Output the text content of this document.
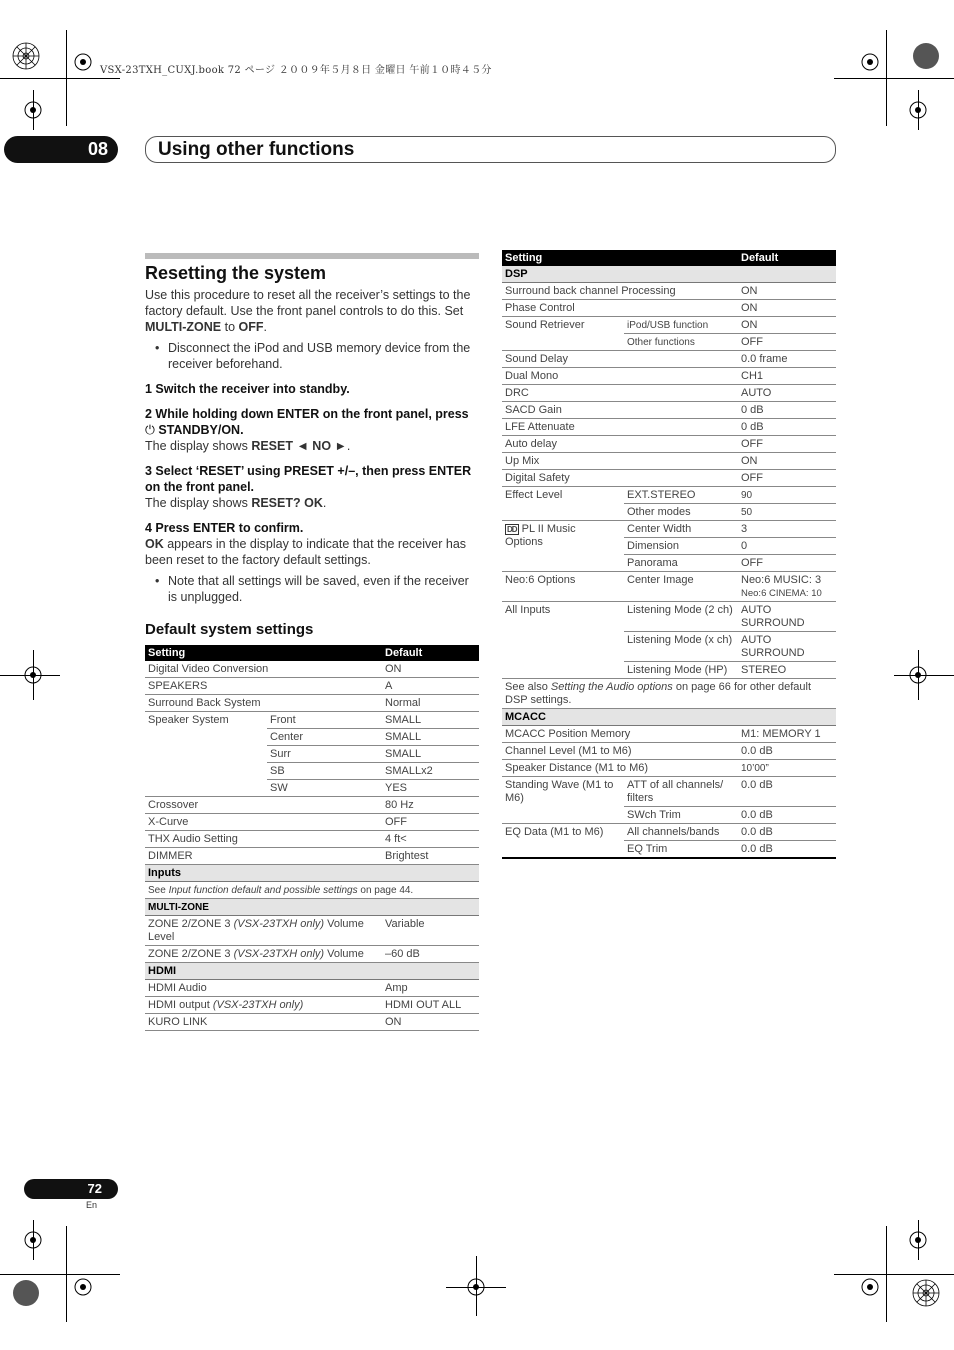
VSX-23TXH_CUXJ.book 72 ページ ２００９年５月８日 金曜日 午前１０時４５分
08	Using other functions
Resetting the system
Use this procedure to reset all the receiver’s settings to the factory default. Use the front panel controls to do this. Set MULTI-ZONE to OFF.
• Disconnect the iPod and USB memory device from the receiver beforehand.
1 Switch the receiver into standby.
2 While holding down ENTER on the front panel, press ⏻ STANDBY/ON.
The display shows RESET ◄ NO ►.
3 Select ‘RESET’ using PRESET +/–, then press ENTER on the front panel.
The display shows RESET? OK.
4 Press ENTER to confirm.
OK appears in the display to indicate that the receiver has been reset to the factory default settings.
• Note that all settings will be saved, even if the receiver is unplugged.
Default system settings
Setting		Default
Digital Video Conversion		ON
SPEAKERS		A
Surround Back System		Normal
Speaker System	Front	SMALL
	Center	SMALL
	Surr	SMALL
	SB	SMALLx2
	SW	YES
Crossover		80 Hz
X-Curve		OFF
THX Audio Setting		4 ft<
DIMMER		Brightest
Inputs		
See Input function default and possible settings on page 44.		
MULTI-ZONE		
ZONE 2/ZONE 3 (VSX-23TXH only) Volume Level		Variable
ZONE 2/ZONE 3 (VSX-23TXH only) Volume		–60 dB
HDMI		
HDMI Audio		Amp
HDMI output (VSX-23TXH only)		HDMI OUT ALL
KURO LINK		ON
Setting		Default
DSP		
Surround back channel Processing		ON
Phase Control		ON
Sound Retriever	iPod/USB function	ON
	Other functions	OFF
Sound Delay		0.0 frame
Dual Mono		CH1
DRC		AUTO
SACD Gain		0 dB
LFE Attenuate		0 dB
Auto delay		OFF
Up Mix		ON
Digital Safety		OFF
Effect Level	EXT.STEREO	90
	Other modes	50
DD PL II Music
Options	Center Width	3
	Dimension	0
	Panorama	OFF
Neo:6 Options	Center Image	Neo:6 MUSIC: 3
Neo:6 CINEMA: 10
All Inputs	Listening Mode (2 ch)	AUTO SURROUND
	Listening Mode (x ch)	AUTO SURROUND
	Listening Mode (HP)	STEREO
See also Setting the Audio options on page 66 for other default DSP settings.		
MCACC		
MCACC Position Memory		M1: MEMORY 1
Channel Level (M1 to M6)		0.0 dB
Speaker Distance (M1 to M6)		10’00”
Standing Wave (M1 to M6)	ATT of all channels/ filters	0.0 dB
	SWch Trim	0.0 dB
EQ Data (M1 to M6)	All channels/bands	0.0 dB
	EQ Trim	0.0 dB
72
En
